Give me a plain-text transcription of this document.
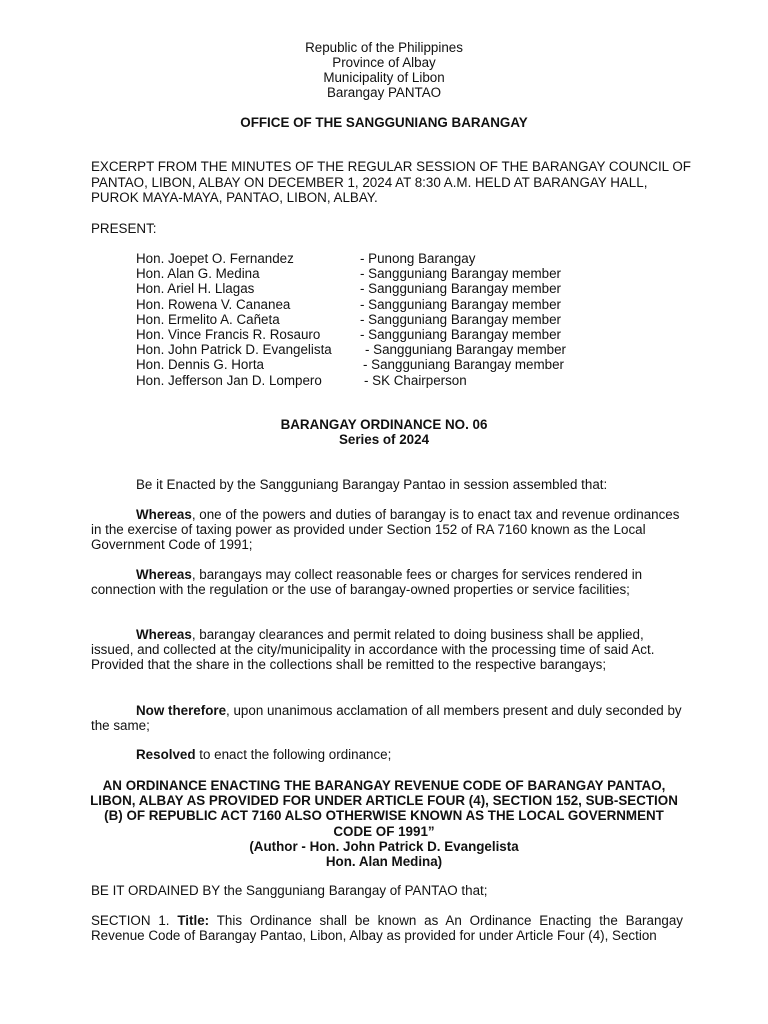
Republic of the Philippines
Province of Albay
Municipality of Libon
Barangay PANTAO
OFFICE OF THE SANGGUNIANG BARANGAY
EXCERPT FROM THE MINUTES OF THE REGULAR SESSION OF THE BARANGAY COUNCIL OF PANTAO, LIBON, ALBAY ON DECEMBER 1, 2024 AT 8:30 A.M. HELD AT BARANGAY HALL, PUROK MAYA-MAYA, PANTAO, LIBON, ALBAY.
PRESENT:
Hon. Joepet O. Fernandez	- Punong Barangay
Hon. Alan G. Medina	- Sangguniang Barangay member
Hon. Ariel H. Llagas	- Sangguniang Barangay member
Hon. Rowena V. Cananea	- Sangguniang Barangay member
Hon. Ermelito A. Cañeta	- Sangguniang Barangay member
Hon. Vince Francis R. Rosauro	- Sangguniang Barangay member
Hon. John Patrick D. Evangelista	- Sangguniang Barangay member
Hon. Dennis G. Horta	- Sangguniang Barangay member
Hon. Jefferson Jan D. Lompero	- SK Chairperson
BARANGAY ORDINANCE NO. 06
Series of 2024
Be it Enacted by the Sangguniang Barangay Pantao in session assembled that:
Whereas, one of the powers and duties of barangay is to enact tax and revenue ordinances in the exercise of taxing power as provided under Section 152 of RA 7160 known as the Local Government Code of 1991;
Whereas, barangays may collect reasonable fees or charges for services rendered in connection with the regulation or the use of barangay-owned properties or service facilities;
Whereas, barangay clearances and permit related to doing business shall be applied, issued, and collected at the city/municipality in accordance with the processing time of said Act. Provided that the share in the collections shall be remitted to the respective barangays;
Now therefore, upon unanimous acclamation of all members present and duly seconded by the same;
Resolved to enact the following ordinance;
AN ORDINANCE ENACTING THE BARANGAY REVENUE CODE OF BARANGAY PANTAO, LIBON, ALBAY AS PROVIDED FOR UNDER ARTICLE FOUR (4), SECTION 152, SUB-SECTION (B) OF REPUBLIC ACT 7160 ALSO OTHERWISE KNOWN AS THE LOCAL GOVERNMENT CODE OF 1991”
(Author - Hon. John Patrick D. Evangelista
Hon. Alan Medina)
BE IT ORDAINED BY the Sangguniang Barangay of PANTAO that;
SECTION 1. Title: This Ordinance shall be known as An Ordinance Enacting the Barangay Revenue Code of Barangay Pantao, Libon, Albay as provided for under Article Four (4), Section
